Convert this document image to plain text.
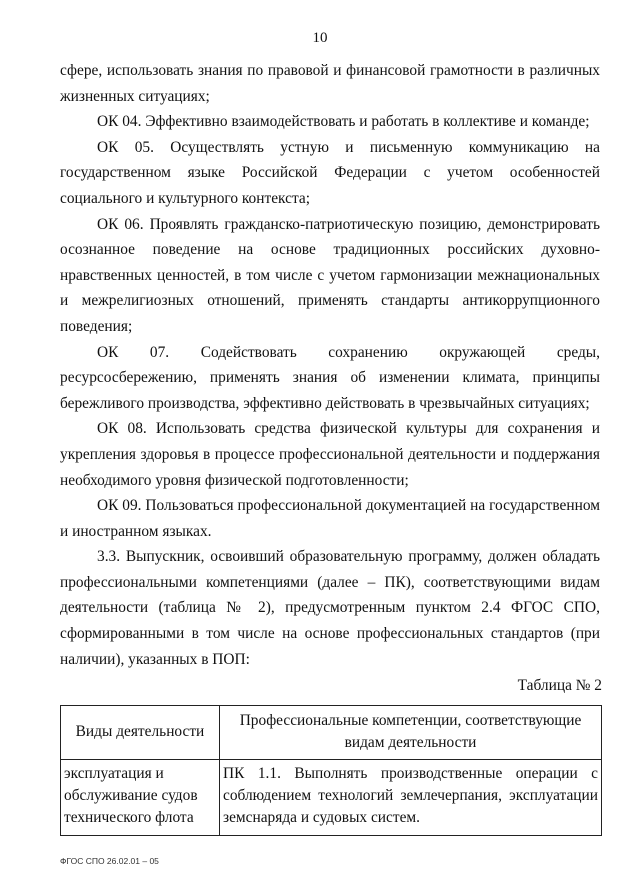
10

сфере, использовать знания по правовой и финансовой грамотности в различных жизненных ситуациях;

ОК 04. Эффективно взаимодействовать и работать в коллективе и команде;

ОК 05. Осуществлять устную и письменную коммуникацию на государственном языке Российской Федерации с учетом особенностей социального и культурного контекста;

ОК 06. Проявлять гражданско-патриотическую позицию, демонстрировать осознанное поведение на основе традиционных российских духовно-нравственных ценностей, в том числе с учетом гармонизации межнациональных и межрелигиозных отношений, применять стандарты антикоррупционного поведения;

ОК 07. Содействовать сохранению окружающей среды, ресурсосбережению, применять знания об изменении климата, принципы бережливого производства, эффективно действовать в чрезвычайных ситуациях;

ОК 08. Использовать средства физической культуры для сохранения и укрепления здоровья в процессе профессиональной деятельности и поддержания необходимого уровня физической подготовленности;

ОК 09. Пользоваться профессиональной документацией на государственном и иностранном языках.

3.3. Выпускник, освоивший образовательную программу, должен обладать профессиональными компетенциями (далее – ПК), соответствующими видам деятельности (таблица № 2), предусмотренным пунктом 2.4 ФГОС СПО, сформированными в том числе на основе профессиональных стандартов (при наличии), указанных в ПОП:

Таблица № 2
Виды деятельности	Профессиональные компетенции, соответствующие видам деятельности
эксплуатация и обслуживание судов технического флота	ПК 1.1. Выполнять производственные операции с соблюдением технологий землечерпания, эксплуатации земснаряда и судовых систем.
ФГОС СПО 26.02.01 – 05
